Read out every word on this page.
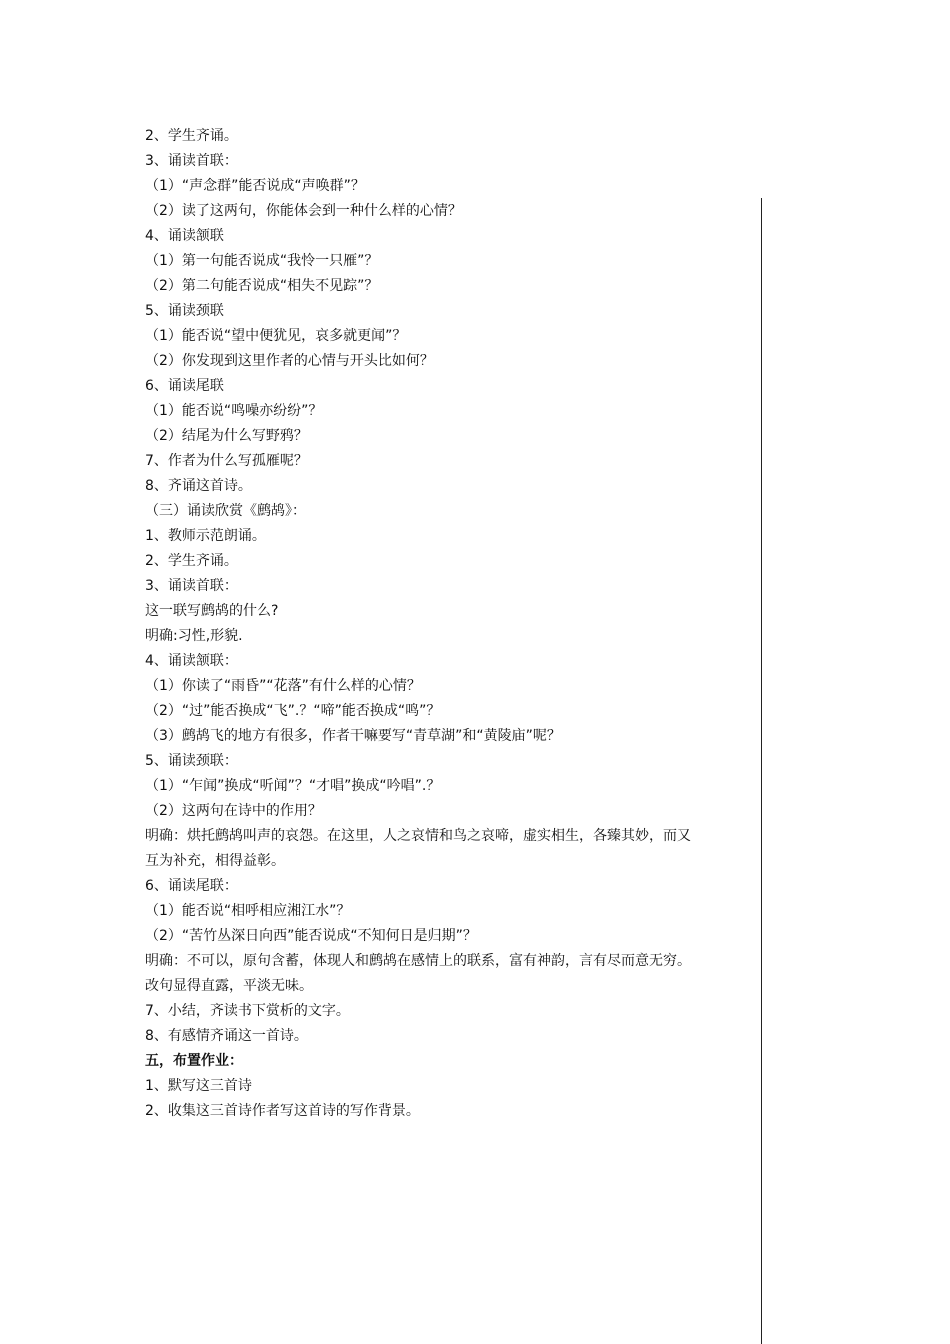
2、学生齐诵。
3、诵读首联：
（1）“声念群”能否说成“声唤群”？
（2）读了这两句，你能体会到一种什么样的心情？
4、诵读颔联
（1）第一句能否说成“我怜一只雁”？
（2）第二句能否说成“相失不见踪”？
5、诵读颈联
（1）能否说“望中便犹见，哀多就更闻”？
（2）你发现到这里作者的心情与开头比如何？
6、诵读尾联
（1）能否说“鸣噪亦纷纷”？
（2）结尾为什么写野鸦？
7、作者为什么写孤雁呢？
8、齐诵这首诗。
（三）诵读欣赏《鹧鸪》：
1、教师示范朗诵。
2、学生齐诵。
3、诵读首联：
这一联写鹧鸪的什么?
明确:习性,形貌.
4、诵读颔联：
（1）你读了“雨昏”“花落”有什么样的心情？
（2）“过”能否换成“飞”.？“啼”能否换成“鸣”？
（3）鹧鸪飞的地方有很多，作者干嘛要写“青草湖”和“黄陵庙”呢？
5、诵读颈联：
（1）“乍闻”换成“听闻”？“才唱”换成“吟唱”.？
（2）这两句在诗中的作用？
明确：烘托鹧鸪叫声的哀怨。在这里，人之哀情和鸟之哀啼，虚实相生，各臻其妙，而又
互为补充，相得益彰。
6、诵读尾联：
（1）能否说“相呼相应湘江水”？
（2）“苦竹丛深日向西”能否说成“不知何日是归期”？
明确：不可以，原句含蓄，体现人和鹧鸪在感情上的联系，富有神韵，言有尽而意无穷。
改句显得直露，平淡无味。
7、小结，齐读书下赏析的文字。
8、有感情齐诵这一首诗。
五，布置作业：
1、默写这三首诗
2、收集这三首诗作者写这首诗的写作背景。
